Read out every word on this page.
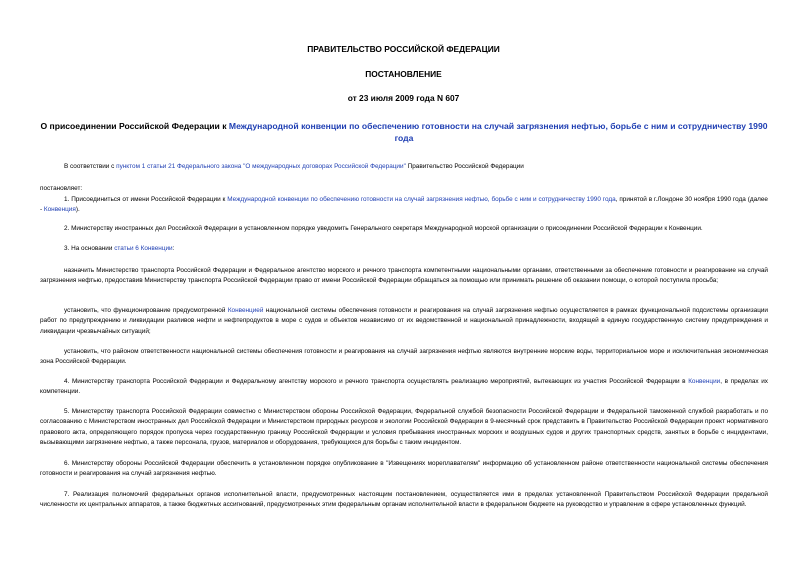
ПРАВИТЕЛЬСТВО РОССИЙСКОЙ ФЕДЕРАЦИИ
ПОСТАНОВЛЕНИЕ
от 23 июля 2009 года N 607
О присоединении Российской Федерации к Международной конвенции по обеспечению готовности на случай загрязнения нефтью, борьбе с ним и сотрудничеству 1990 года
В соответствии с пунктом 1 статьи 21 Федерального закона "О международных договорах Российской Федерации" Правительство Российской Федерации
постановляет:
1. Присоединиться от имени Российской Федерации к Международной конвенции по обеспечению готовности на случай загрязнения нефтью, борьбе с ним и сотрудничеству 1990 года, принятой в г.Лондоне 30 ноября 1990 года (далее - Конвенция).
2. Министерству иностранных дел Российской Федерации в установленном порядке уведомить Генерального секретаря Международной морской организации о присоединении Российской Федерации к Конвенции.
3. На основании статьи 6 Конвенции:
назначить Министерство транспорта Российской Федерации и Федеральное агентство морского и речного транспорта компетентными национальными органами, ответственными за обеспечение готовности и реагирование на случай загрязнения нефтью, предоставив Министерству транспорта Российской Федерации право от имени Российской Федерации обращаться за помощью или принимать решение об оказании помощи, о которой поступила просьба;
установить, что функционирование предусмотренной Конвенцией национальной системы обеспечения готовности и реагирования на случай загрязнения нефтью осуществляется в рамках функциональной подсистемы организации работ по предупреждению и ликвидации разливов нефти и нефтепродуктов в море с судов и объектов независимо от их ведомственной и национальной принадлежности, входящей в единую государственную систему предупреждения и ликвидации чрезвычайных ситуаций;
установить, что районом ответственности национальной системы обеспечения готовности и реагирования на случай загрязнения нефтью являются внутренние морские воды, территориальное море и исключительная экономическая зона Российской Федерации.
4. Министерству транспорта Российской Федерации и Федеральному агентству морского и речного транспорта осуществлять реализацию мероприятий, вытекающих из участия Российской Федерации в Конвенции, в пределах их компетенции.
5. Министерству транспорта Российской Федерации совместно с Министерством обороны Российской Федерации, Федеральной службой безопасности Российской Федерации и Федеральной таможенной службой разработать и по согласованию с Министерством иностранных дел Российской Федерации и Министерством природных ресурсов и экологии Российской Федерации в 9-месячный срок представить в Правительство Российской Федерации проект нормативного правового акта, определяющего порядок пропуска через государственную границу Российской Федерации и условия пребывания иностранных морских и воздушных судов и других транспортных средств, занятых в борьбе с инцидентами, вызывающими загрязнение нефтью, а также персонала, грузов, материалов и оборудования, требующихся для борьбы с таким инцидентом.
6. Министерству обороны Российской Федерации обеспечить в установленном порядке опубликование в "Извещениях мореплавателям" информацию об установленном районе ответственности национальной системы обеспечения готовности и реагирования на случай загрязнения нефтью.
7. Реализация полномочий федеральных органов исполнительной власти, предусмотренных настоящим постановлением, осуществляется ими в пределах установленной Правительством Российской Федерации предельной численности их центральных аппаратов, а также бюджетных ассигнований, предусмотренных этим федеральным органам исполнительной власти в федеральном бюджете на руководство и управление в сфере установленных функций.
